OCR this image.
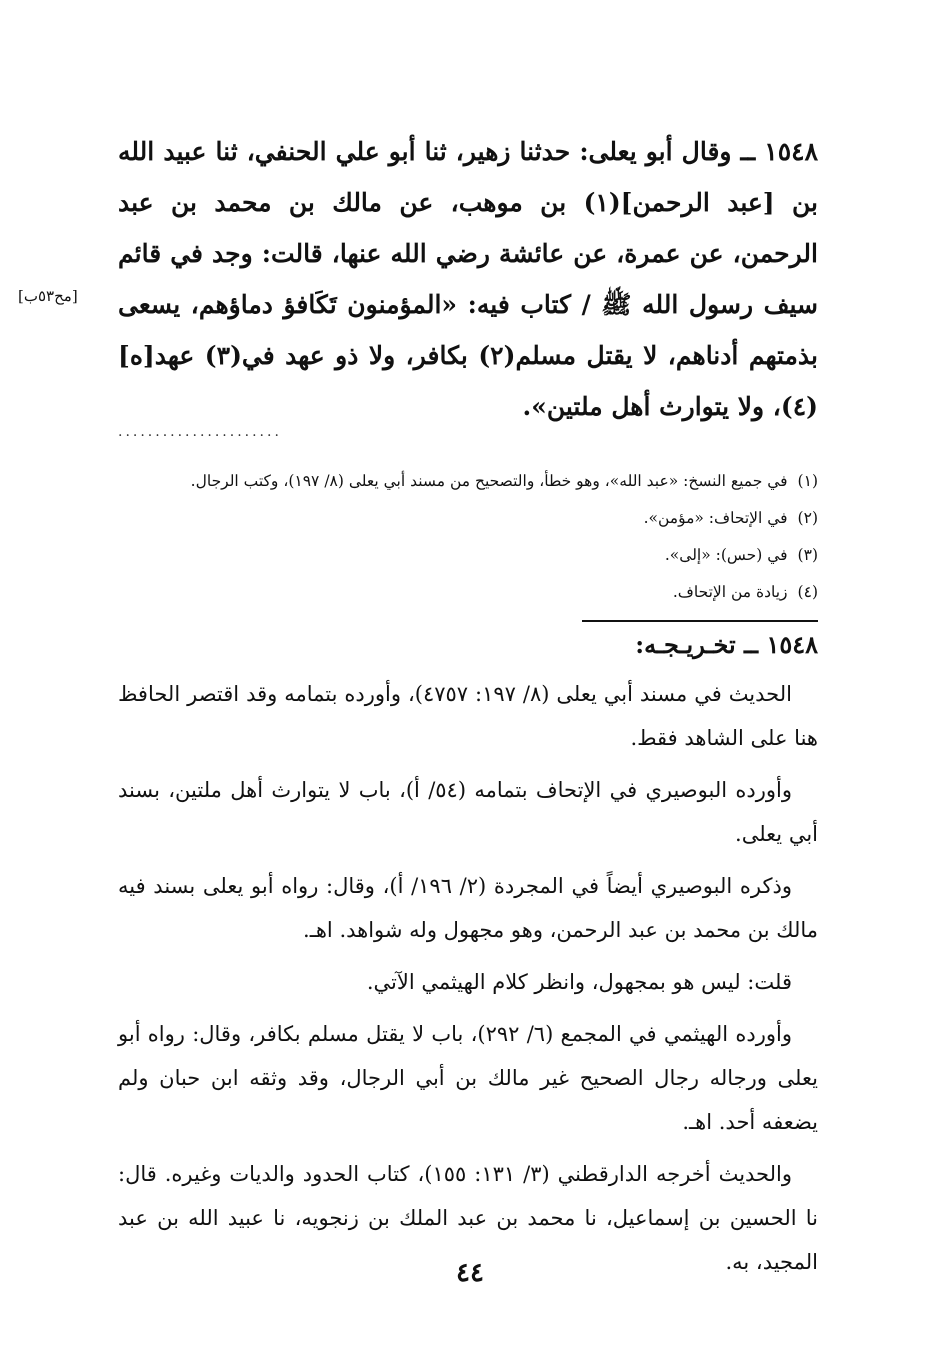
١٥٤٨ ــ وقال أبو يعلى: حدثنا زهير، ثنا أبو علي الحنفي، ثنا عبيد الله بن [عبد الرحمن](١) بن موهب، عن مالك بن محمد بن عبد الرحمن، عن عمرة، عن عائشة رضي الله عنها، قالت: وجد في قائم سيف رسول الله ﷺ / كتاب فيه: «المؤمنون تَكَافؤ دماؤهم، يسعى بذمتهم أدناهم، لا يقتل مسلم(٢) بكافر، ولا ذو عهد في(٣) عهد[ه](٤)، ولا يتوارث أهل ملتين».

[مح٥٣ب]
......................
(١)في جميع النسخ: «عبد الله»، وهو خطأ، والتصحيح من مسند أبي يعلى (٨/ ١٩٧)، وكتب الرجال.
(٢)في الإتحاف: «مؤمن».
(٣)في (حس): «إلى».
(٤)زيادة من الإتحاف.
١٥٤٨ ــ تخـريـجـه:

الحديث في مسند أبي يعلى (٨/ ١٩٧: ٤٧٥٧)، وأورده بتمامه وقد اقتصر الحافظ هنا على الشاهد فقط.

وأورده البوصيري في الإتحاف بتمامه (٥٤/ أ)، باب لا يتوارث أهل ملتين، بسند أبي يعلى.

وذكره البوصيري أيضاً في المجردة (٢/ ١٩٦/ أ)، وقال: رواه أبو يعلى بسند فيه مالك بن محمد بن عبد الرحمن، وهو مجهول وله شواهد. اهـ.

قلت: ليس هو بمجهول، وانظر كلام الهيثمي الآتي.

وأورده الهيثمي في المجمع (٦/ ٢٩٢)، باب لا يقتل مسلم بكافر، وقال: رواه أبو يعلى ورجاله رجال الصحيح غير مالك بن أبي الرجال، وقد وثقه ابن حبان ولم يضعفه أحد. اهـ.

والحديث أخرجه الدارقطني (٣/ ١٣١: ١٥٥)، كتاب الحدود والديات وغيره. قال: نا الحسين بن إسماعيل، نا محمد بن عبد الملك بن زنجويه، نا عبيد الله بن عبد المجيد، به.

٤٤
